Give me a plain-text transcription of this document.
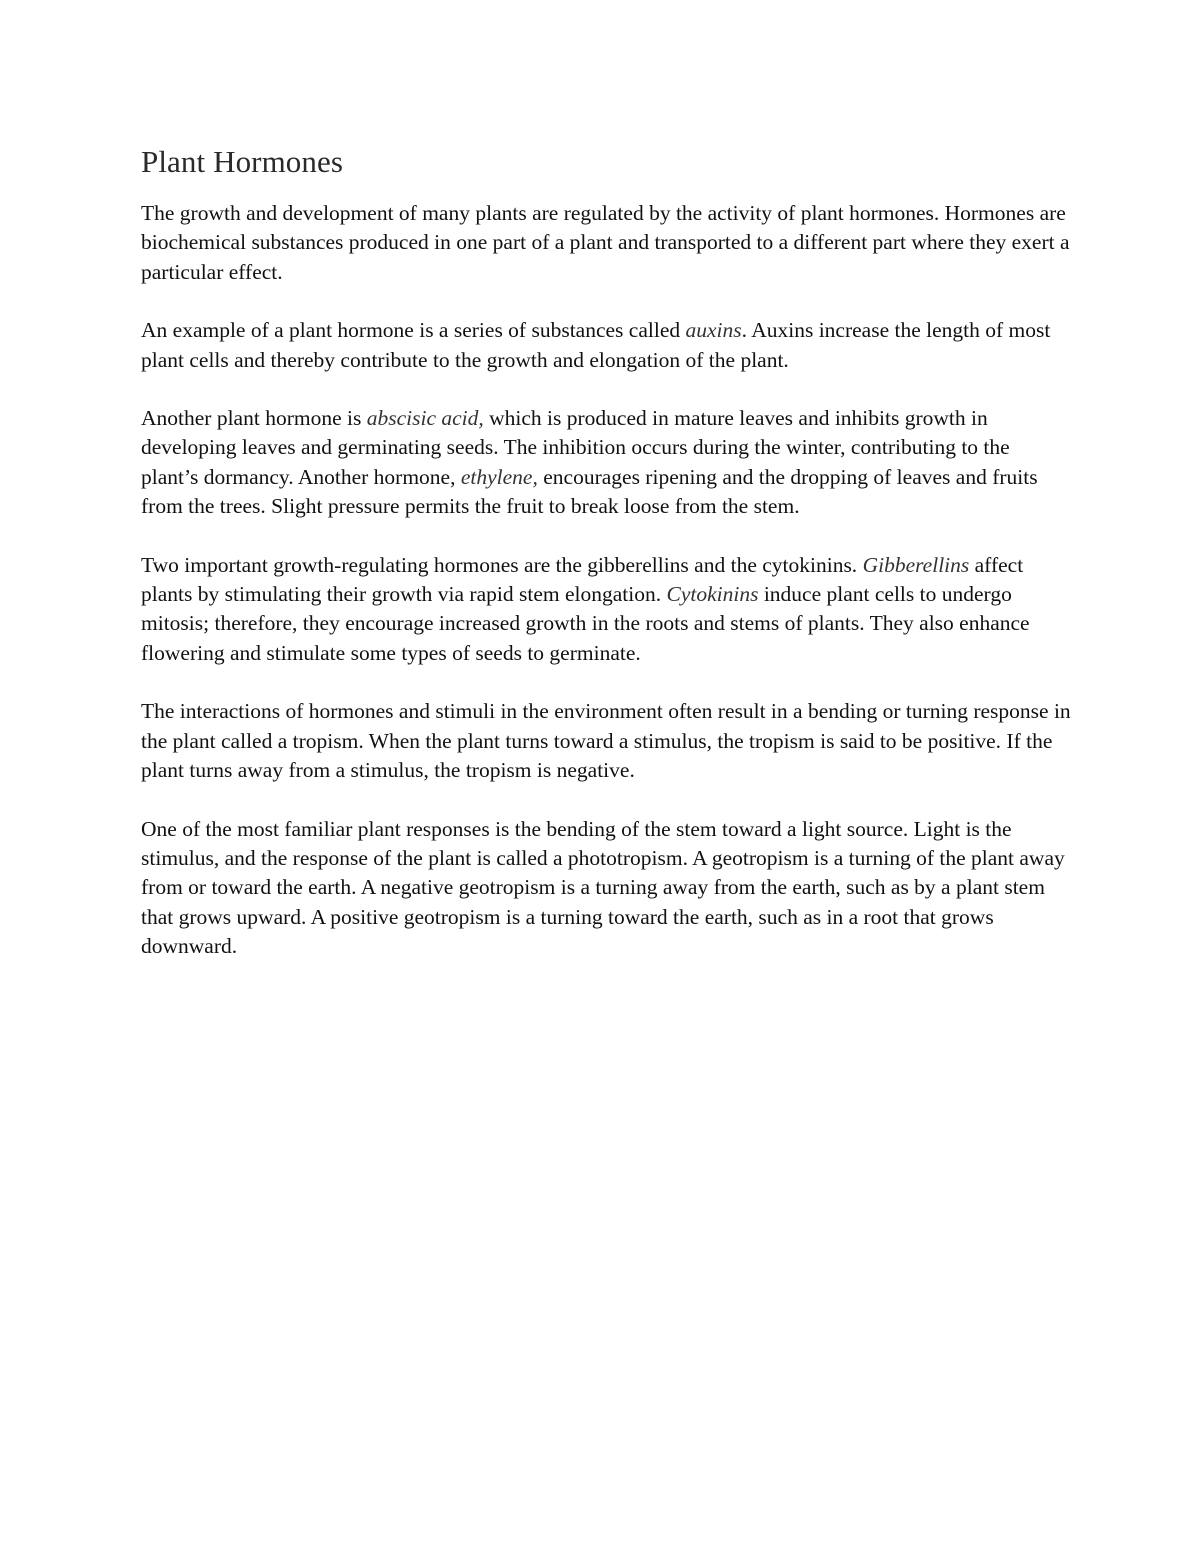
Plant Hormones

The growth and development of many plants are regulated by the activity of plant hormones. Hormones are biochemical substances produced in one part of a plant and transported to a different part where they exert a particular effect.

An example of a plant hormone is a series of substances called auxins. Auxins increase the length of most plant cells and thereby contribute to the growth and elongation of the plant.

Another plant hormone is abscisic acid, which is produced in mature leaves and inhibits growth in developing leaves and germinating seeds. The inhibition occurs during the winter, contributing to the plant’s dormancy. Another hormone, ethylene, encourages ripening and the dropping of leaves and fruits from the trees. Slight pressure permits the fruit to break loose from the stem.

Two important growth-regulating hormones are the gibberellins and the cytokinins. Gibberellins affect plants by stimulating their growth via rapid stem elongation. Cytokinins induce plant cells to undergo mitosis; therefore, they encourage increased growth in the roots and stems of plants. They also enhance flowering and stimulate some types of seeds to germinate.

The interactions of hormones and stimuli in the environment often result in a bending or turning response in the plant called a tropism. When the plant turns toward a stimulus, the tropism is said to be positive. If the plant turns away from a stimulus, the tropism is negative.

One of the most familiar plant responses is the bending of the stem toward a light source. Light is the stimulus, and the response of the plant is called a phototropism. A geotropism is a turning of the plant away from or toward the earth. A negative geotropism is a turning away from the earth, such as by a plant stem that grows upward. A positive geotropism is a turning toward the earth, such as in a root that grows downward.
